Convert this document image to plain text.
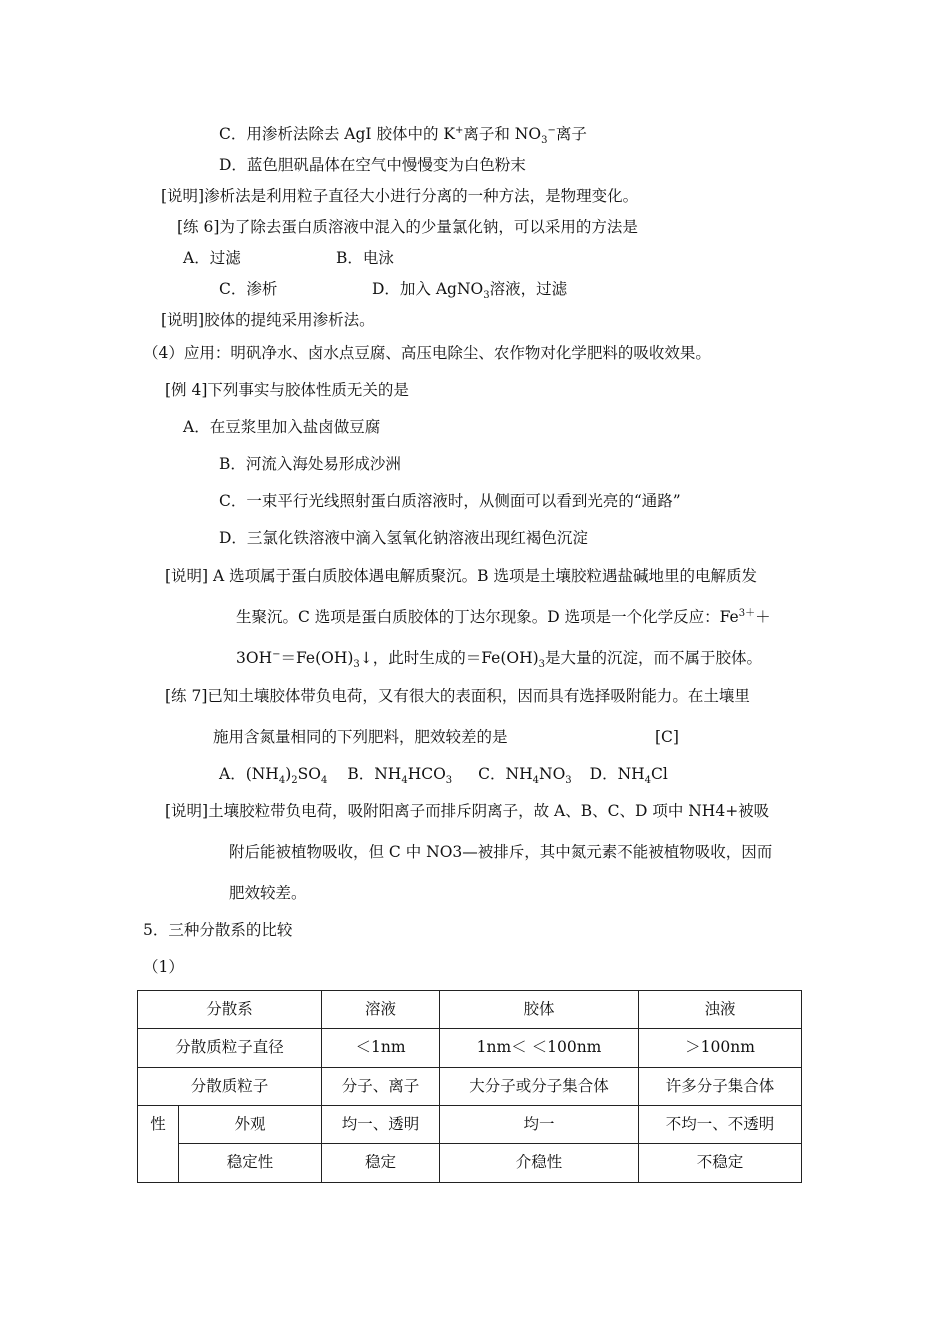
C．用渗析法除去 AgI 胶体中的 K+离子和 $NO_3^-$离子
D．蓝色胆矾晶体在空气中慢慢变为白色粉末
[说明]渗析法是利用粒子直径大小进行分离的一种方法，是物理变化。
[练 6]为了除去蛋白质溶液中混入的少量氯化钠，可以采用的方法是
A．过滤	B．电泳
C．渗析	D．加入 AgNO$_3$溶液，过滤
[说明]胶体的提纯采用渗析法。
（4）应用：明矾净水、卤水点豆腐、高压电除尘、农作物对化学肥料的吸收效果。
[例 4]下列事实与胶体性质无关的是
A．在豆浆里加入盐卤做豆腐
B．河流入海处易形成沙洲
C．一束平行光线照射蛋白质溶液时，从侧面可以看到光亮的“通路”
D．三氯化铁溶液中滴入氢氧化钠溶液出现红褐色沉淀
[说明] A 选项属于蛋白质胶体遇电解质聚沉。B 选项是土壤胶粒遇盐碱地里的电解质发
生聚沉。C 选项是蛋白质胶体的丁达尔现象。D 选项是一个化学反应：$Fe^{3+}+$
$3OH^-=Fe(OH)_3↓$，此时生成的$=Fe(OH)_3$是大量的沉淀，而不属于胶体。
[练 7]已知土壤胶体带负电荷，又有很大的表面积，因而具有选择吸附能力。在土壤里
施用含氮量相同的下列肥料，肥效较差的是	[C]
A．$(NH_4)_2SO_4$ B．$NH_4HCO_3$ C．$NH_4NO_3$ D．$NH_4Cl$
[说明]土壤胶粒带负电荷，吸附阳离子而排斥阴离子，故 A、B、C、D 项中 NH4+被吸
附后能被植物吸收，但 C 中 NO3—被排斥，其中氮元素不能被植物吸收，因而
肥效较差。
5．三种分散系的比较
（1）
分散系		溶液	胶体	浊液
分散质粒子直径		＜1nm	1nm＜ ＜100nm	＞100nm
分散质粒子		分子、离子	大分子或分子集合体	许多分子集合体
性	外观	均一、透明	均一	不均一、不透明
	稳定性	稳定	介稳性	不稳定
